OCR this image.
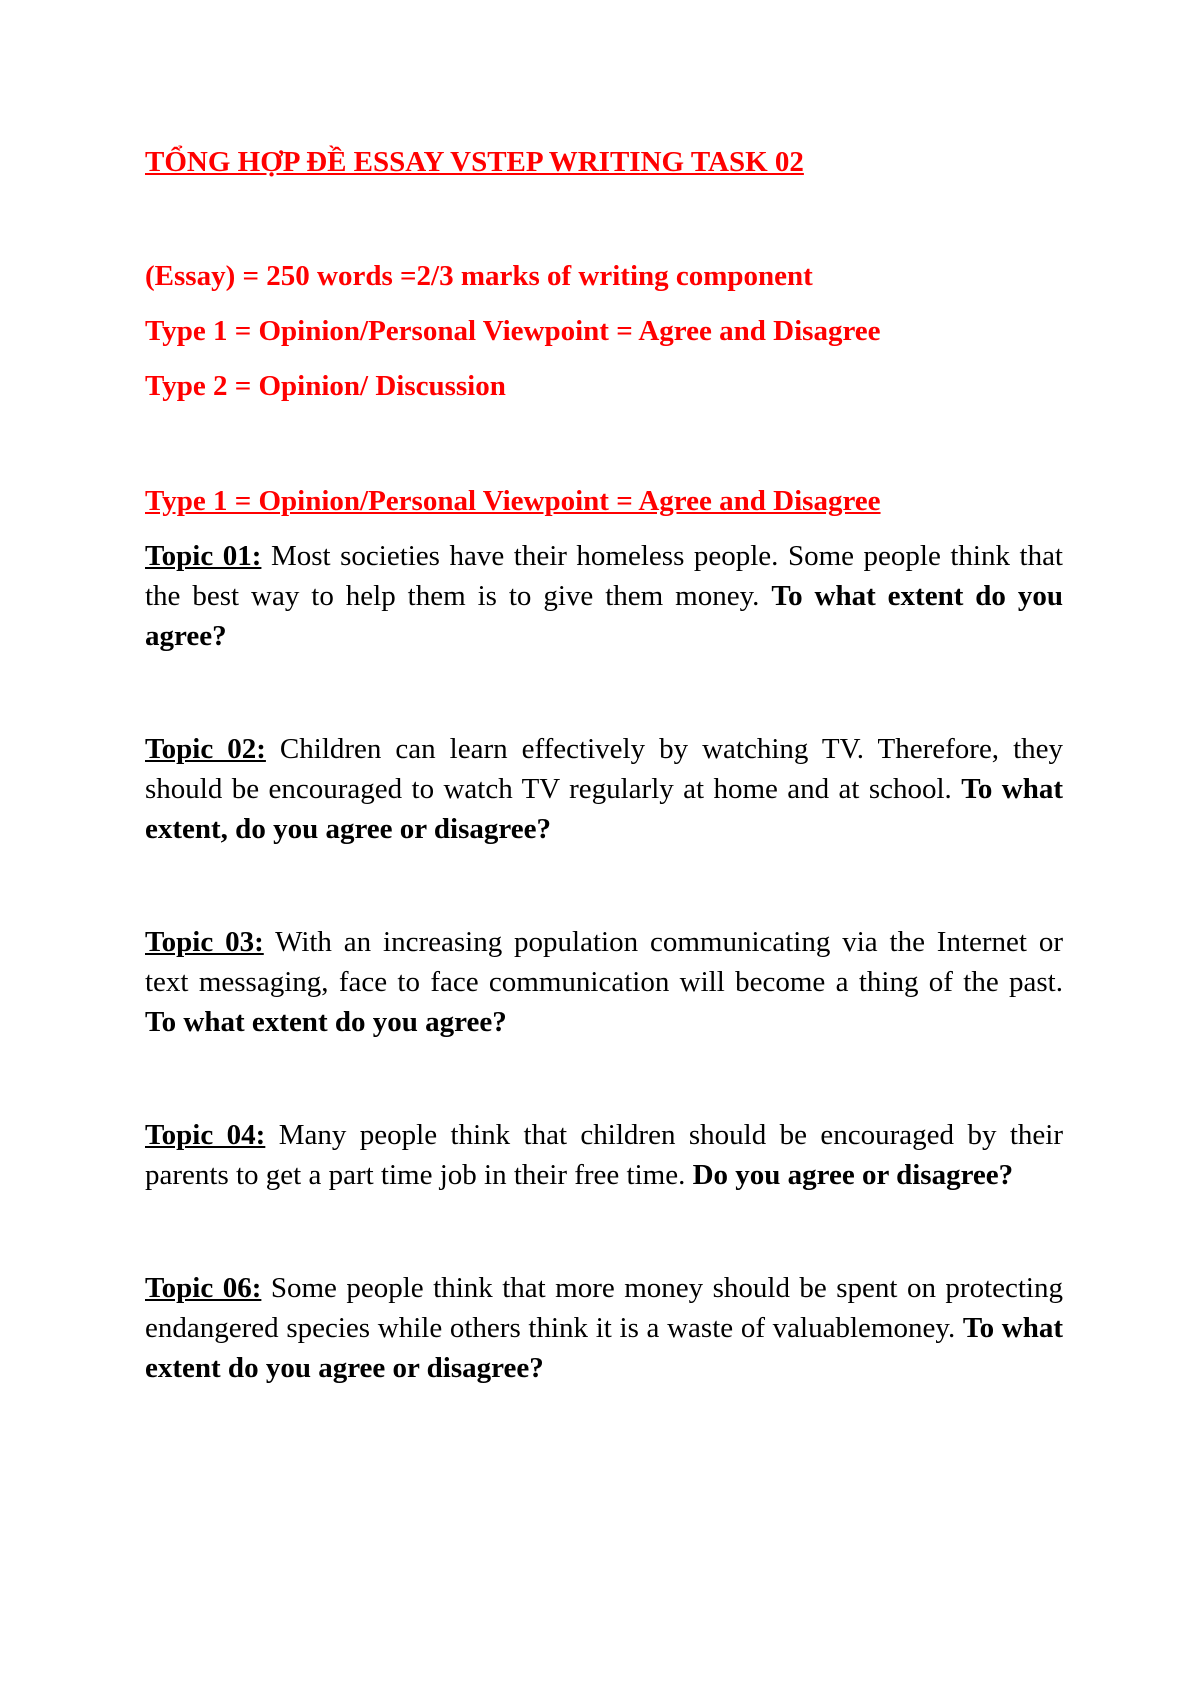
TỔNG HỢP ĐỀ ESSAY VSTEP WRITING TASK 02

(Essay) = 250 words =2/3 marks of writing component

Type 1 = Opinion/Personal Viewpoint = Agree and Disagree

Type 2 = Opinion/ Discussion

Type 1 = Opinion/Personal Viewpoint = Agree and Disagree

Topic 01: Most societies have their homeless people. Some people think that the best way to help them is to give them money. To what extent do you agree?

Topic 02: Children can learn effectively by watching TV. Therefore, they should be encouraged to watch TV regularly at home and at school. To what extent, do you agree or disagree?

Topic 03: With an increasing population communicating via the Internet or text messaging, face to face communication will become a thing of the past. To what extent do you agree?

Topic 04: Many people think that children should be encouraged by their parents to get a part time job in their free time. Do you agree or disagree?

Topic 06: Some people think that more money should be spent on protecting endangered species while others think it is a waste of valuablemoney. To what extent do you agree or disagree?
